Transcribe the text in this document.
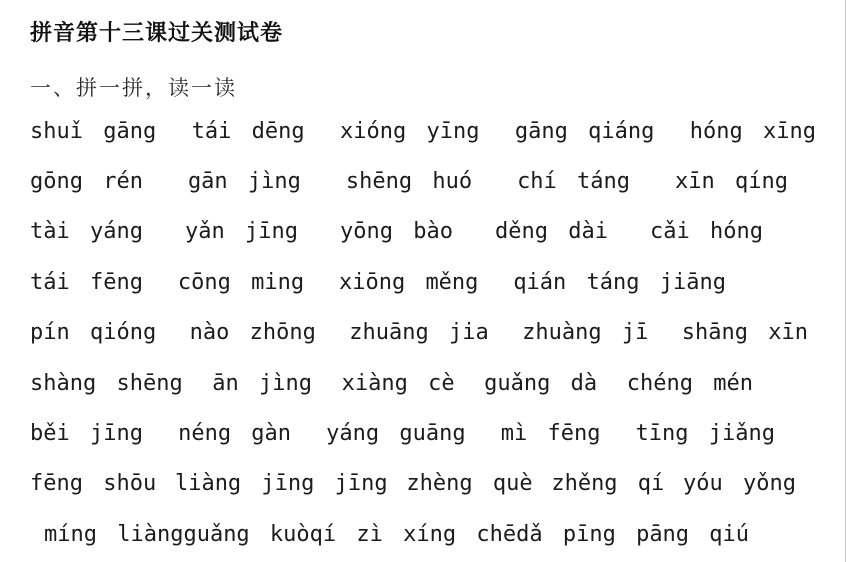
拼音第十三课过关测试卷
一、拼一拼，读一读
shuǐ gāng tái dēng xióng yīng gāng qiáng hóng xīng
gōng rén gān jìng shēng huó chí táng xīn qíng
tài yáng yǎn jīng yōng bào děng dài cǎi hóng
tái fēng cōng ming xiōng měng qián táng jiāng
pín qióng nào zhōng zhuāng jia zhuàng jī shāng xīn
shàng shēng ān jìng xiàng cè guǎng dà chéng mén
běi jīng néng gàn yáng guāng mì fēng tīng jiǎng
fēng shōu liàng jīng jīng zhèng què zhěng qí yóu yǒng
míng liàng guǎng kuò qí zì xíng chē dǎ pīng pāng qiú
